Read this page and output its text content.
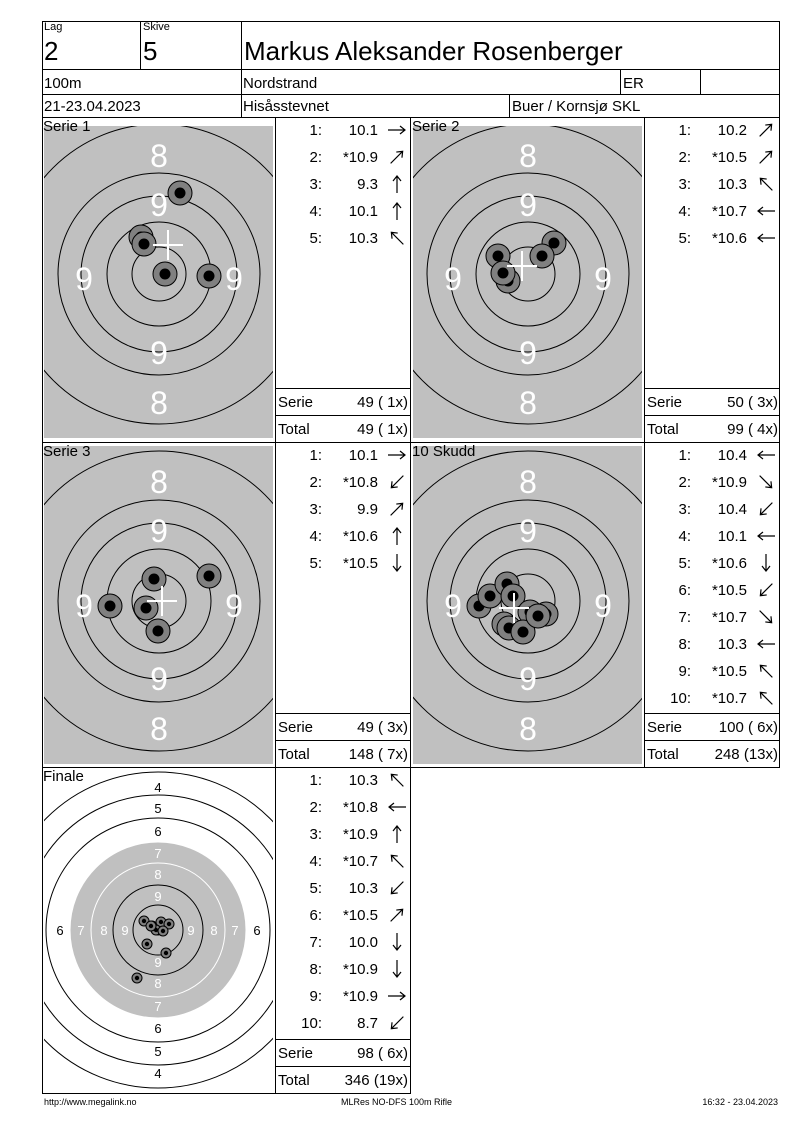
Lag
2
Skive
5	Markus Aleksander Rosenberger
100m	Nordstrand	ER
21-23.04.2023	Hisåsstevnet	Buer / Kornsjø SKL
8
9
9	9
9
8
8
9
9	9
9
8
8
9
9	9
9
8
8
9
9	9
9
8
4
5
6
7
8
9
6 7 8 9	9 8 7 6
9
8
7
6
5
4
Serie 1	Serie 2
Serie 3	10 Skudd
Finale
1:	10.1
2:	*10.9
3:	9.3
4:	10.1
5:	10.3
1:	10.2
2:	*10.5
3:	10.3
4:	*10.7
5:	*10.6
1:	10.1
2:	*10.8
3:	9.9
4:	*10.6
5:	*10.5
1:	10.4
2:	*10.9
3:	10.4
4:	10.1
5:	*10.6
6:	*10.5
7:	*10.7
8:	10.3
9:	*10.5
10:	*10.7
1:	10.3
2:	*10.8
3:	*10.9
4:	*10.7
5:	10.3
6:	*10.5
7:	10.0
8:	*10.9
9:	*10.9
10:	8.7
Serie	49 ( 1x)
Total	49 ( 1x)
Serie	50 ( 3x)
Total	99 ( 4x)
Serie	49 ( 3x)
Total	148 ( 7x)
Serie 100 ( 6x)
Total 248 (13x)
Serie	98 ( 6x)
Total 346 (19x)
http://www.megalink.no	MLRes NO-DFS 100m Rifle	16:32 - 23.04.2023
